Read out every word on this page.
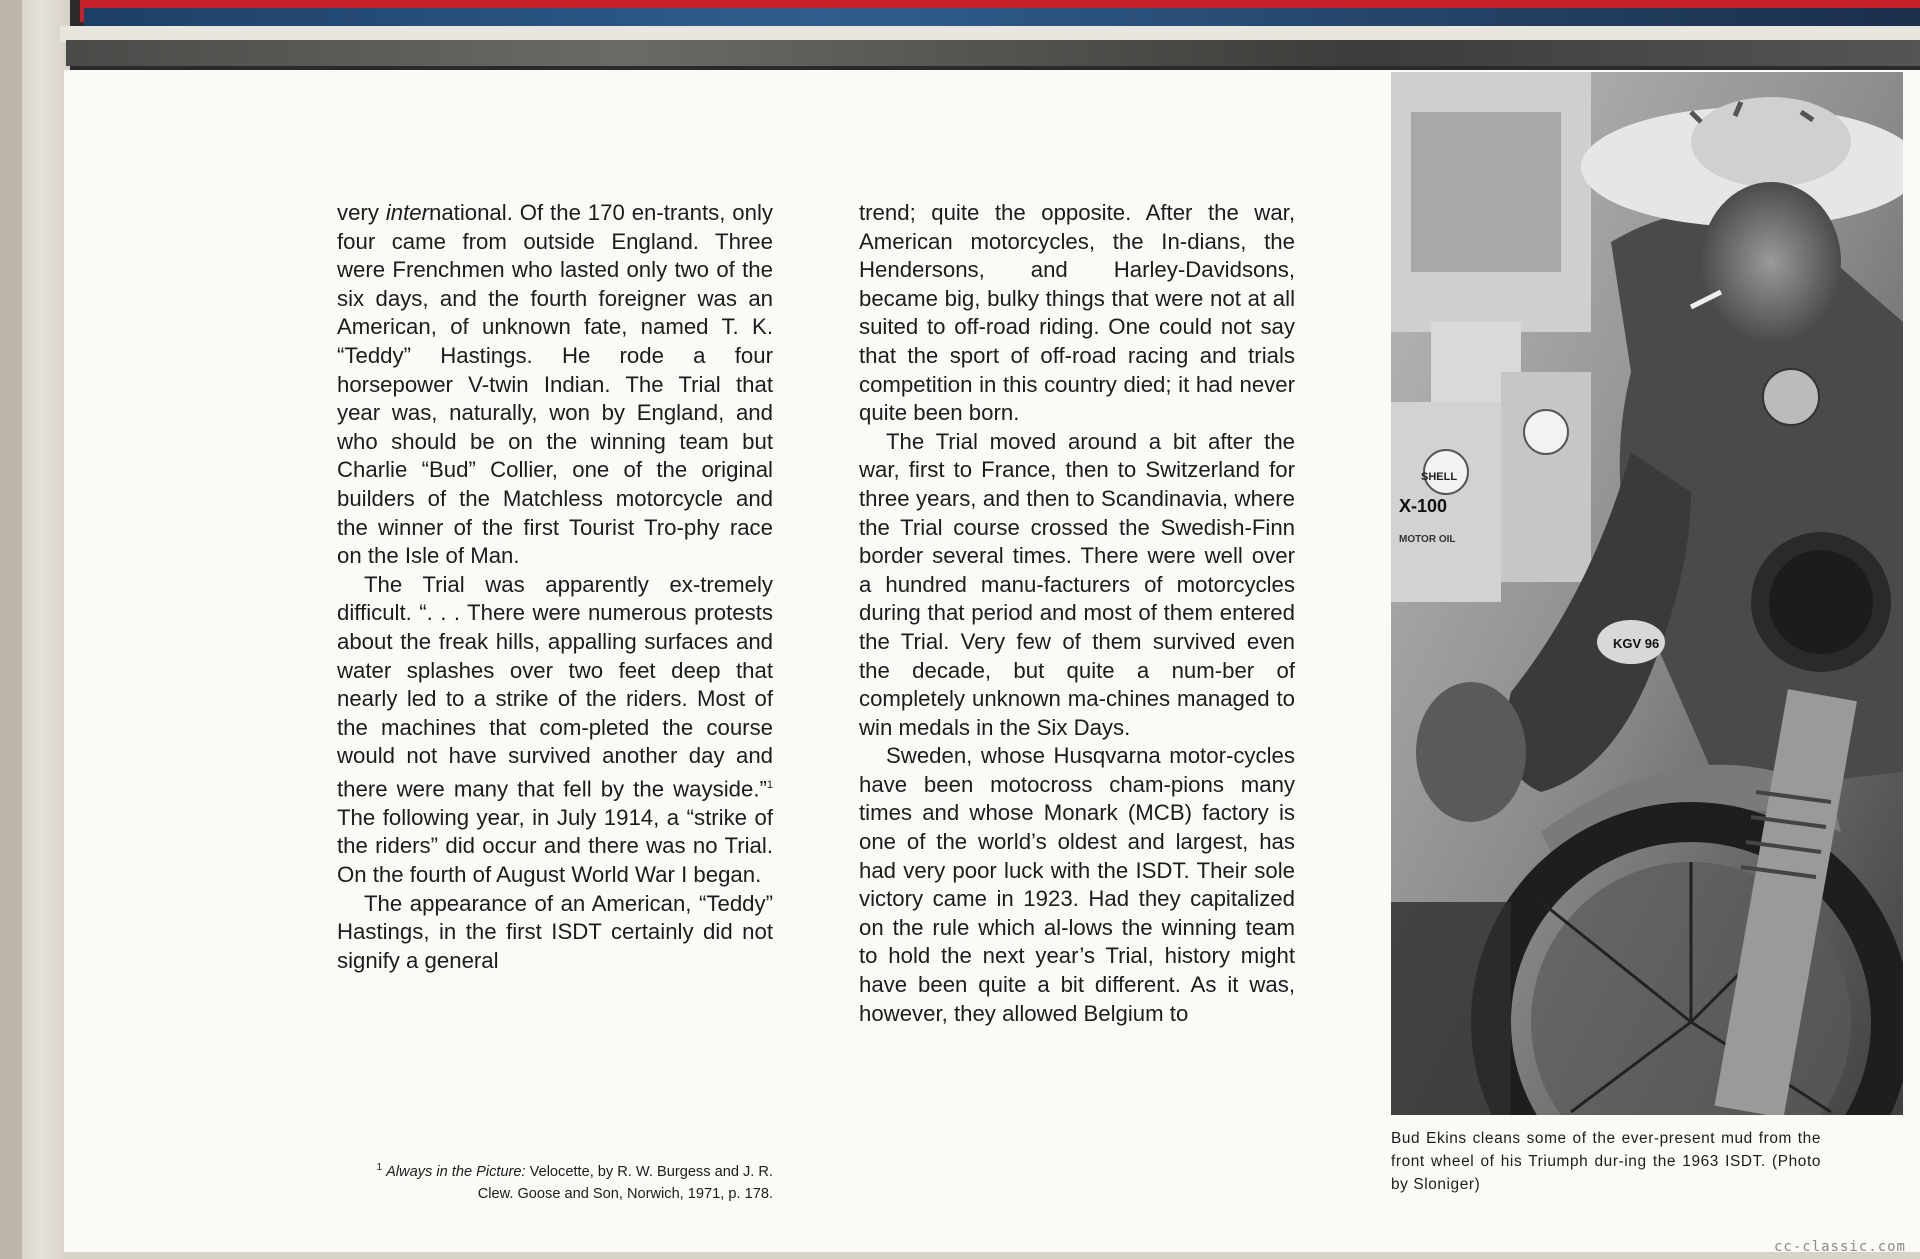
very international. Of the 170 en-trants, only four came from outside England. Three were Frenchmen who lasted only two of the six days, and the fourth foreigner was an American, of unknown fate, named T. K. “Teddy” Hastings. He rode a four horsepower V-twin Indian. The Trial that year was, naturally, won by England, and who should be on the winning team but Charlie “Bud” Collier, one of the original builders of the Matchless motorcycle and the winner of the first Tourist Tro-phy race on the Isle of Man.

The Trial was apparently ex-tremely difficult. “. . . There were numerous protests about the freak hills, appalling surfaces and water splashes over two feet deep that nearly led to a strike of the riders. Most of the machines that com-pleted the course would not have survived another day and there were many that fell by the wayside.”$^1$ The following year, in July 1914, a “strike of the riders” did occur and there was no Trial. On the fourth of August World War I began.

The appearance of an American, “Teddy” Hastings, in the first ISDT certainly did not signify a general

$^1$ Always in the Picture: Velocette, by R. W. Burgess and J. R. Clew. Goose and Son, Norwich, 1971, p. 178.

trend; quite the opposite. After the war, American motorcycles, the In-dians, the Hendersons, and Harley-Davidsons, became big, bulky things that were not at all suited to off-road riding. One could not say that the sport of off-road racing and trials competition in this country died; it had never quite been born.

The Trial moved around a bit after the war, first to France, then to Switzerland for three years, and then to Scandinavia, where the Trial course crossed the Swedish-Finn border several times. There were well over a hundred manu-facturers of motorcycles during that period and most of them entered the Trial. Very few of them survived even the decade, but quite a num-ber of completely unknown ma-chines managed to win medals in the Six Days.

Sweden, whose Husqvarna motor-cycles have been motocross cham-pions many times and whose Monark (MCB) factory is one of the world’s oldest and largest, has had very poor luck with the ISDT. Their sole victory came in 1923. Had they capitalized on the rule which al-lows the winning team to hold the next year’s Trial, history might have been quite a bit different. As it was, however, they allowed Belgium to

SHELL
X-100
MOTOR OIL
KGV 96
Bud Ekins cleans some of the ever-present mud from the front wheel of his Triumph dur-ing the 1963 ISDT. (Photo by Sloniger)
cc-classic.com
